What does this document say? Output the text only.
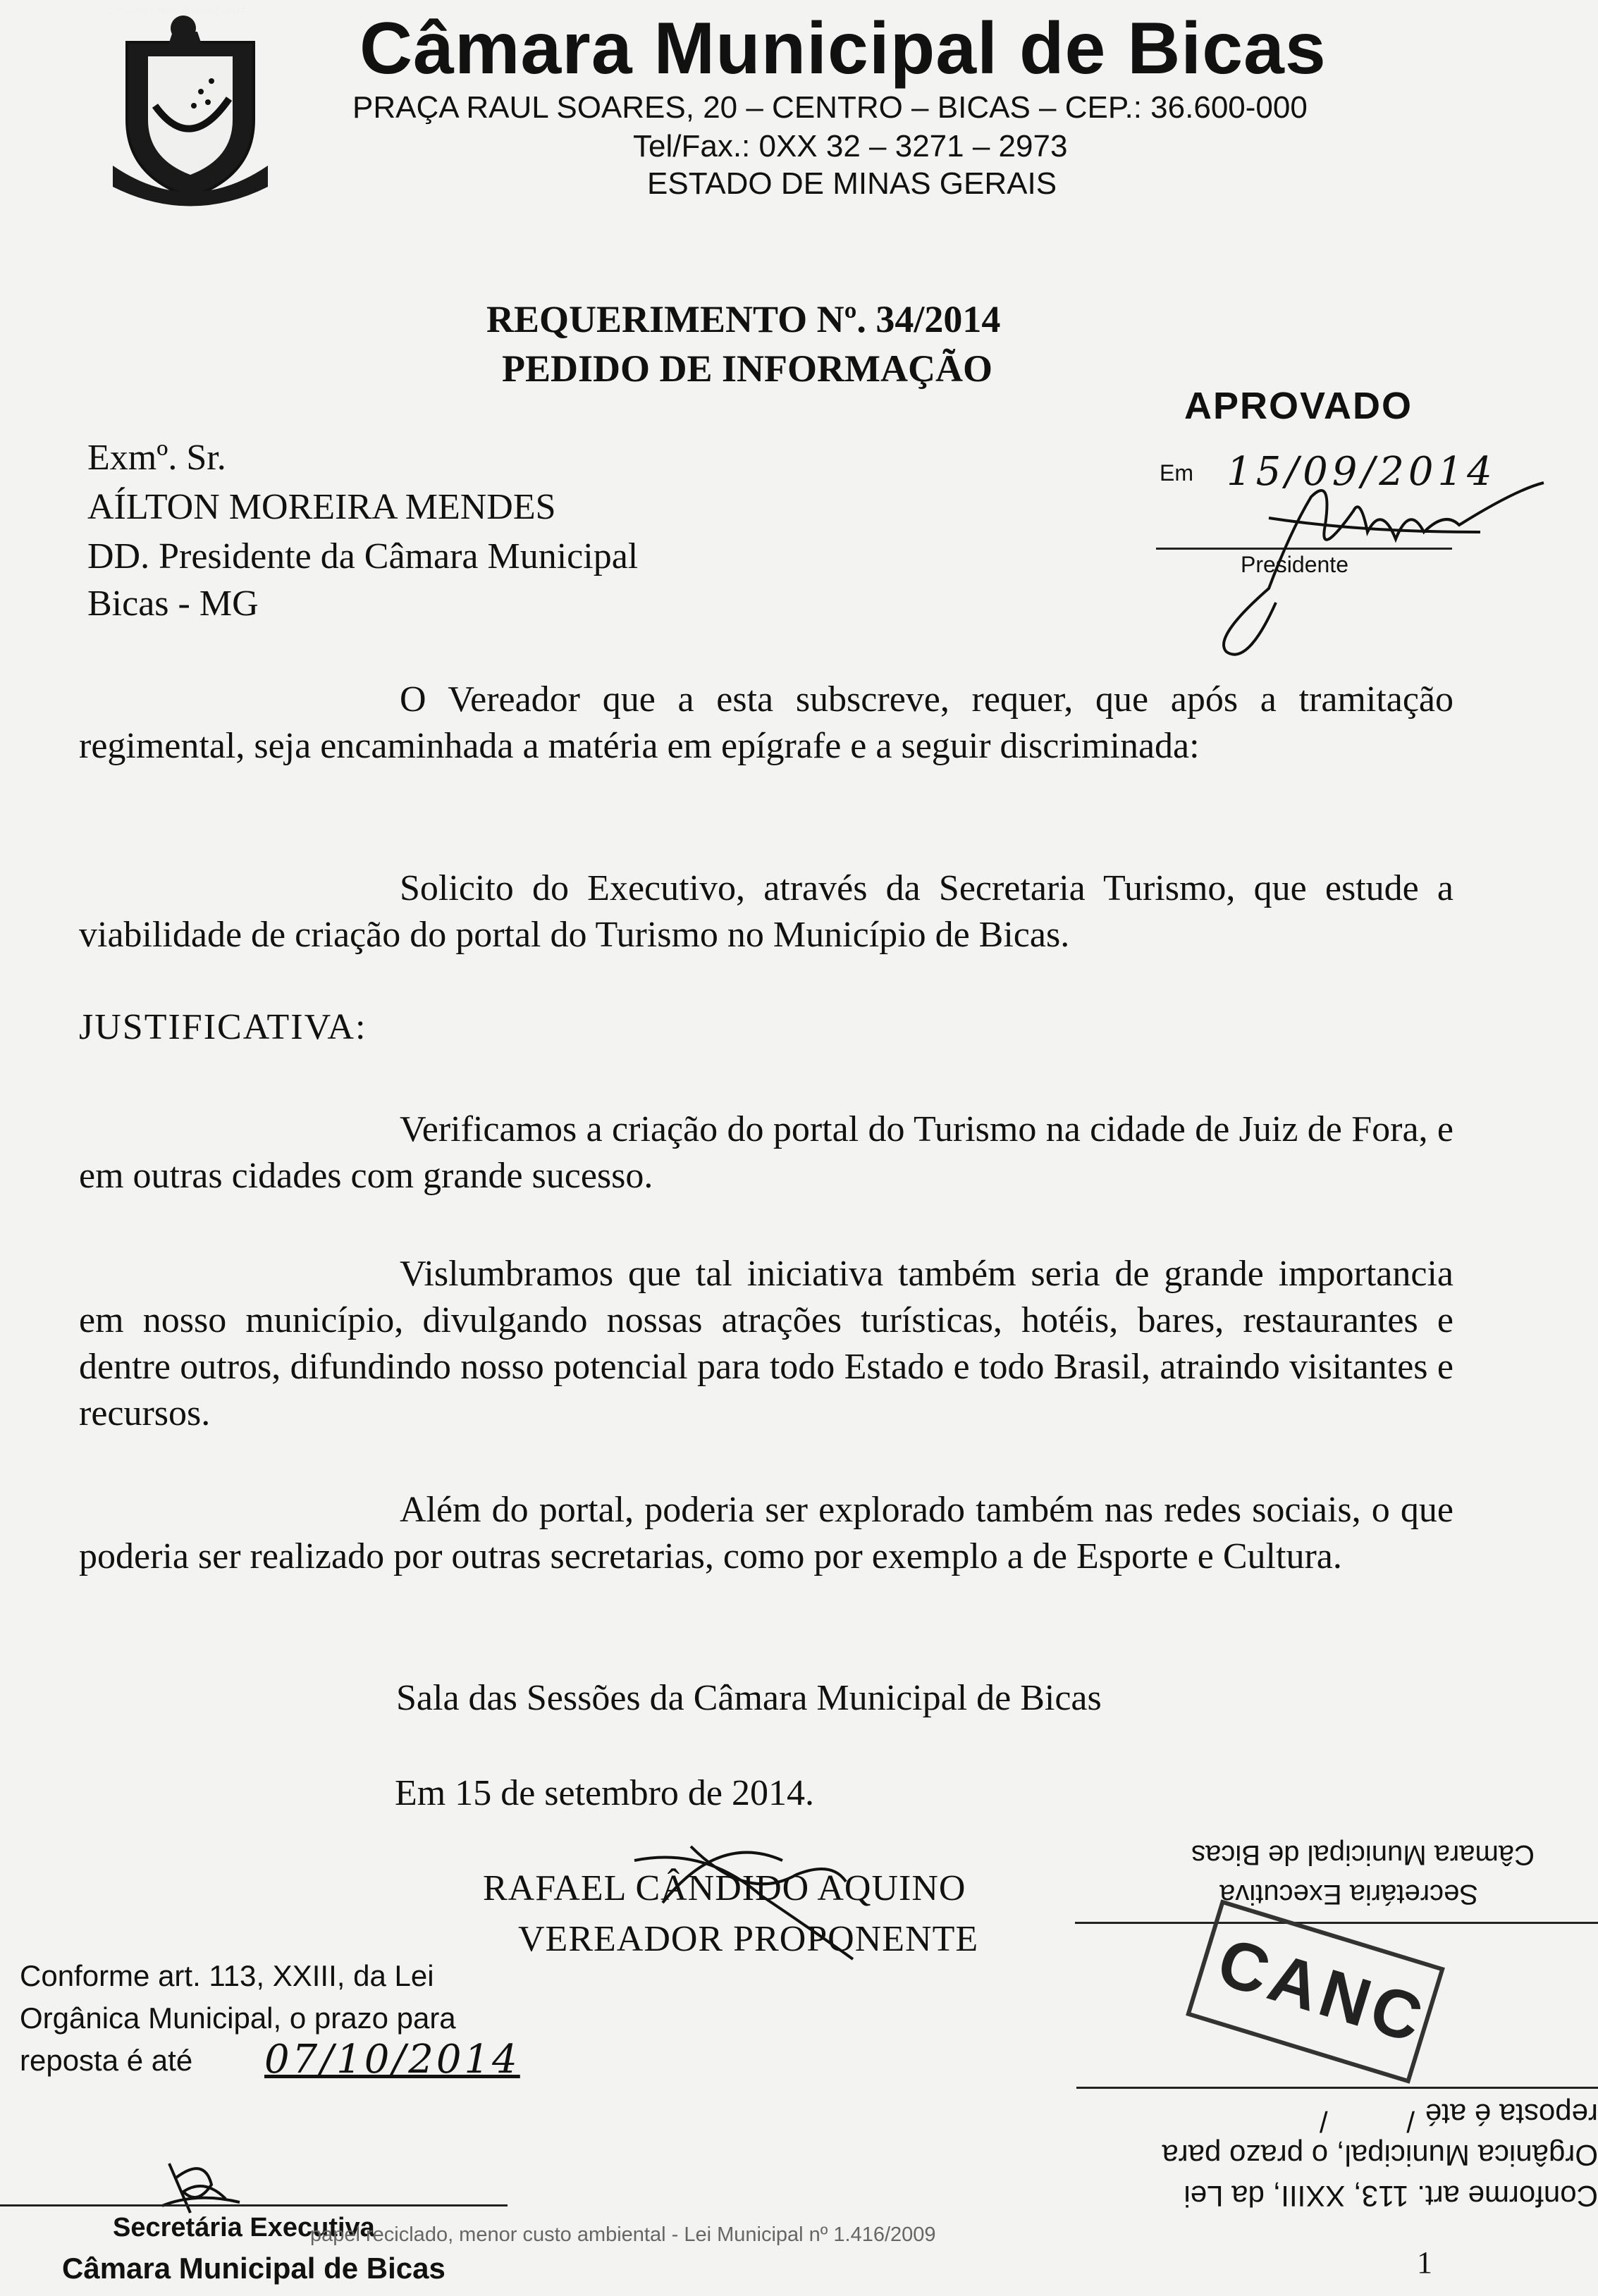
O PODER UNIDO É MAIS FORTE Câmara Municipal de Bicas
PRAÇA RAUL SOARES, 20 – CENTRO – BICAS – CEP.: 36.600-000
Tel/Fax.: 0XX 32 – 3271 – 2973
ESTADO DE MINAS GERAIS
REQUERIMENTO Nº. 34/2014
PEDIDO DE INFORMAÇÃO
APROVADO
Em 15/09/2014
Presidente
Exmº. Sr.
AÍLTON MOREIRA MENDES
DD. Presidente da Câmara Municipal
Bicas - MG
O Vereador que a esta subscreve, requer, que após a tramitação regimental, seja encaminhada a matéria em epígrafe e a seguir discriminada:
Solicito do Executivo, através da Secretaria Turismo, que estude a viabilidade de criação do portal do Turismo no Município de Bicas.
JUSTIFICATIVA:
Verificamos a criação do portal do Turismo na cidade de Juiz de Fora, e em outras cidades com grande sucesso.
Vislumbramos que tal iniciativa também seria de grande importancia em nosso município, divulgando nossas atrações turísticas, hotéis, bares, restaurantes e dentre outros, difundindo nosso potencial para todo Estado e todo Brasil, atraindo visitantes e recursos.
Além do portal, poderia ser explorado também nas redes sociais, o que poderia ser realizado por outras secretarias, como por exemplo a de Esporte e Cultura.
Sala das Sessões da Câmara Municipal de Bicas
Em 15 de setembro de 2014.
RAFAEL CÂNDIDO AQUINO
VEREADOR PROPONENTE
Conforme art. 113, XXIII, da Lei
Orgânica Municipal, o prazo para
reposta é até 07/10/2014
Secretária Executiva
Câmara Municipal de Bicas
papel reciclado, menor custo ambiental - Lei Municipal nº 1.416/2009
1
Conforme art. 113, XXIII, da Lei
Orgânica Municipal, o prazo para
reposta é até
/ /
Secretária Executiva
Câmara Municipal de Bicas
CANC
